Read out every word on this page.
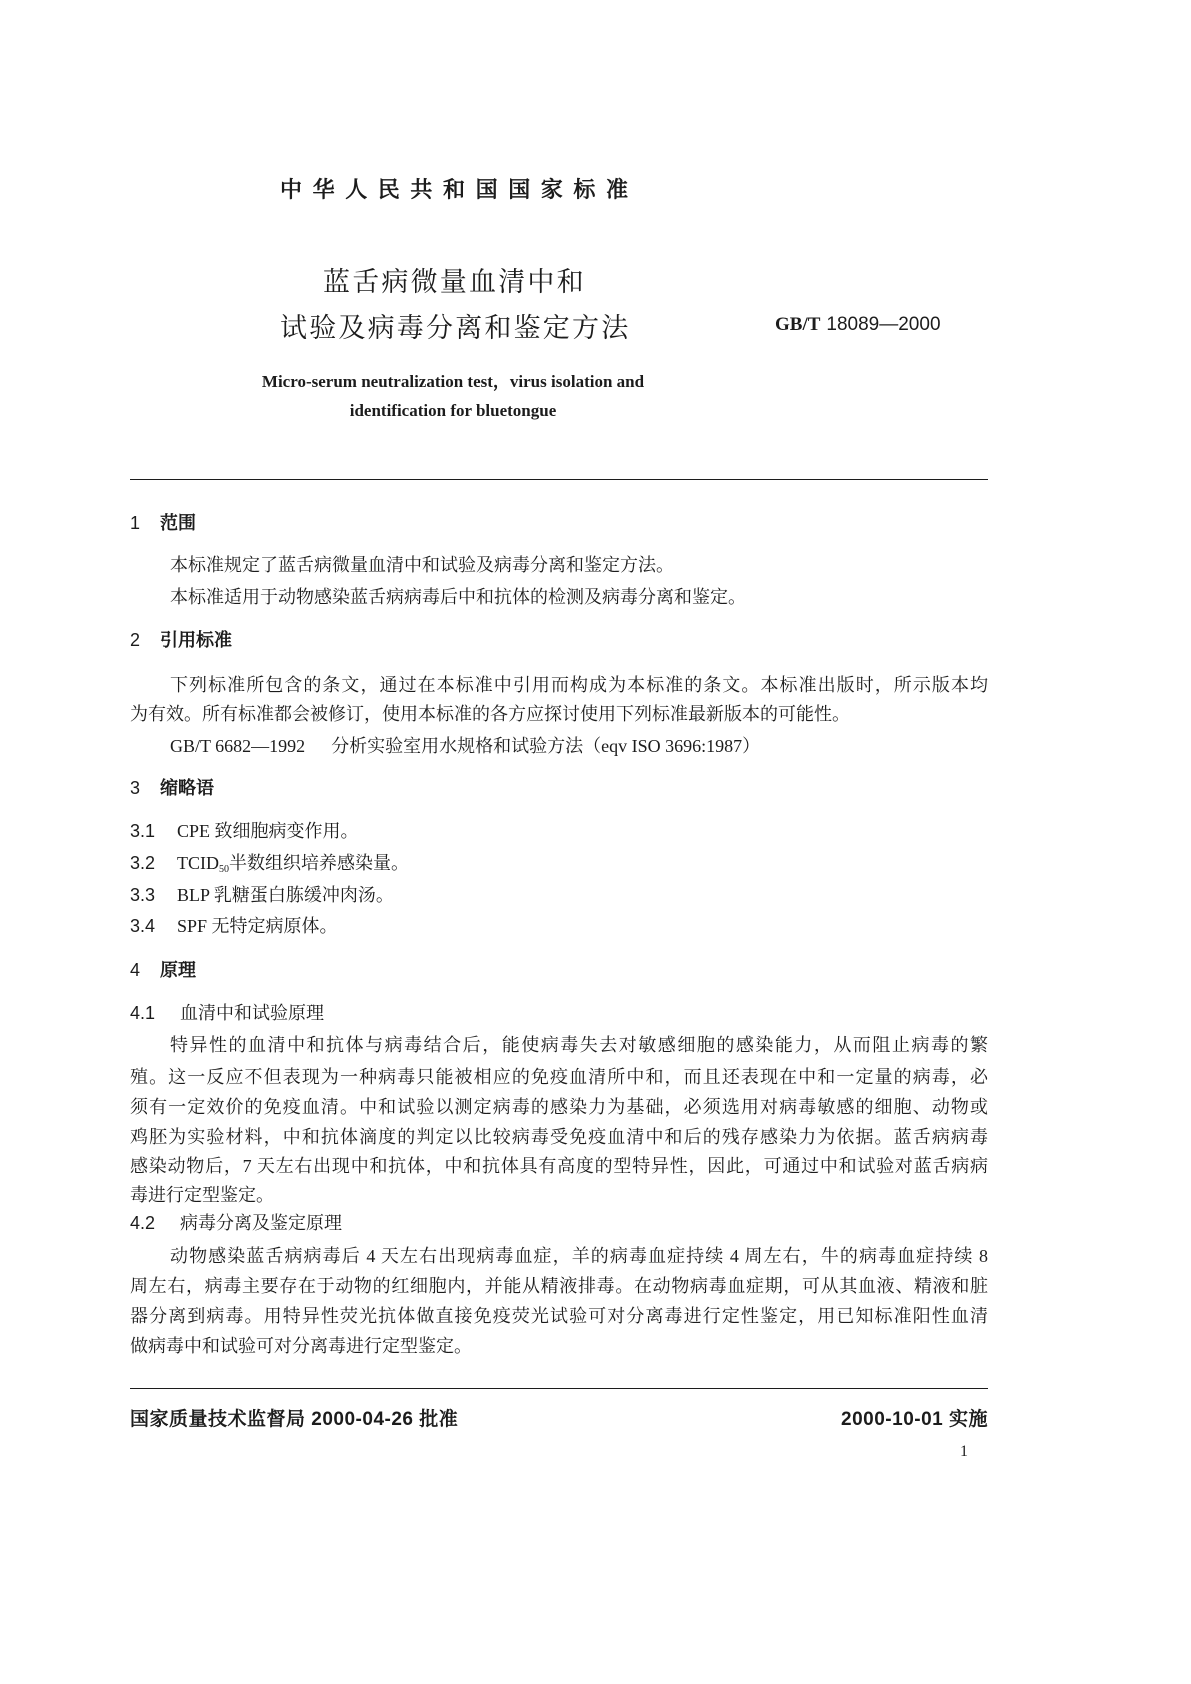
中华人民共和国国家标准
蓝舌病微量血清中和
试验及病毒分离和鉴定方法	GB/T 18089—2000
Micro-serum neutralization test，virus isolation and
identification for bluetongue
1 范围
本标准规定了蓝舌病微量血清中和试验及病毒分离和鉴定方法。
本标准适用于动物感染蓝舌病病毒后中和抗体的检测及病毒分离和鉴定。
2 引用标准
下列标准所包含的条文，通过在本标准中引用而构成为本标准的条文。本标准出版时，所示版本均
为有效。所有标准都会被修订，使用本标准的各方应探讨使用下列标准最新版本的可能性。
GB/T 6682—1992 分析实验室用水规格和试验方法（eqv ISO 3696:1987）
3 缩略语
3.1 CPE 致细胞病变作用。
3.2 $TCID_{50}$半数组织培养感染量。
3.3 BLP 乳糖蛋白胨缓冲肉汤。
3.4 SPF 无特定病原体。
4 原理
4.1 血清中和试验原理
特异性的血清中和抗体与病毒结合后，能使病毒失去对敏感细胞的感染能力，从而阻止病毒的繁
殖。这一反应不但表现为一种病毒只能被相应的免疫血清所中和，而且还表现在中和一定量的病毒，必
须有一定效价的免疫血清。中和试验以测定病毒的感染力为基础，必须选用对病毒敏感的细胞、动物或
鸡胚为实验材料，中和抗体滴度的判定以比较病毒受免疫血清中和后的残存感染力为依据。蓝舌病病毒
感染动物后，7 天左右出现中和抗体，中和抗体具有高度的型特异性，因此，可通过中和试验对蓝舌病病
毒进行定型鉴定。
4.2 病毒分离及鉴定原理
动物感染蓝舌病病毒后 4 天左右出现病毒血症，羊的病毒血症持续 4 周左右，牛的病毒血症持续 8
周左右，病毒主要存在于动物的红细胞内，并能从精液排毒。在动物病毒血症期，可从其血液、精液和脏
器分离到病毒。用特异性荧光抗体做直接免疫荧光试验可对分离毒进行定性鉴定，用已知标准阳性血清
做病毒中和试验可对分离毒进行定型鉴定。
国家质量技术监督局 2000-04-26 批准	2000-10-01 实施
1
